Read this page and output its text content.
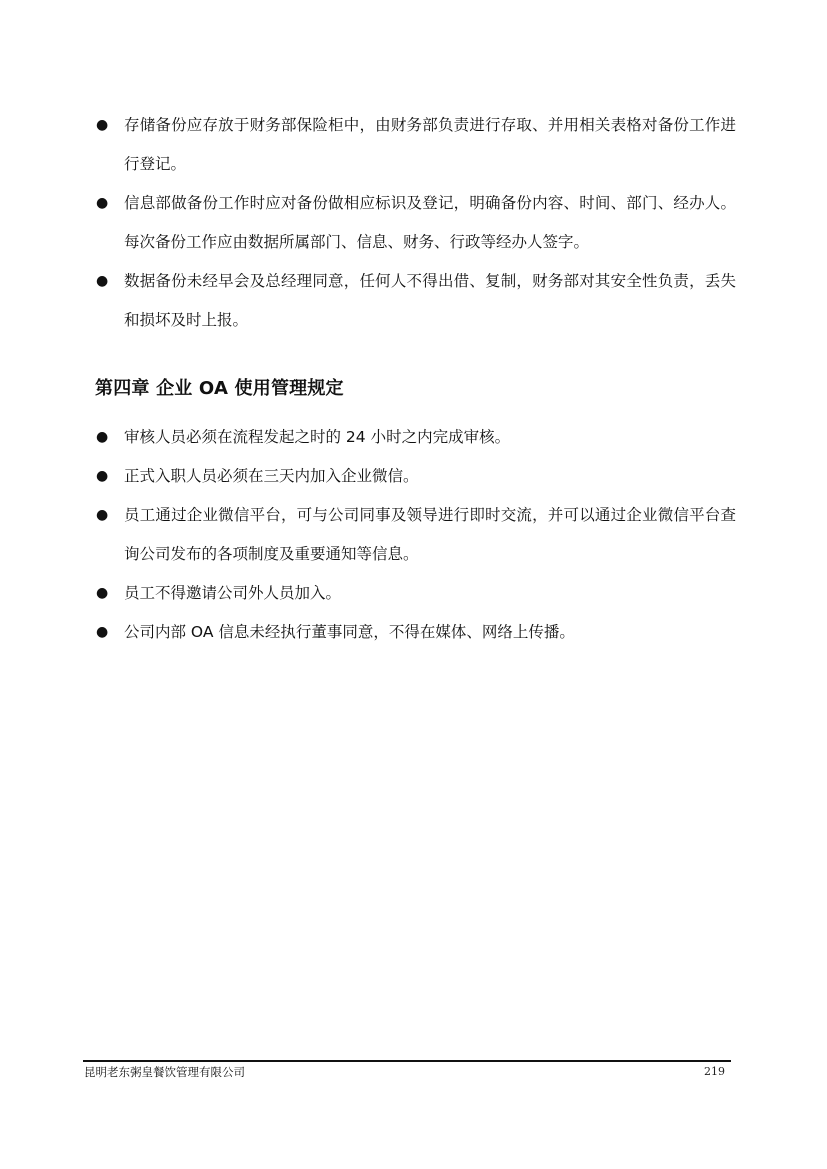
● 存储备份应存放于财务部保险柜中，由财务部负责进行存取、并用相关表格对备份工作进行登记。
● 信息部做备份工作时应对备份做相应标识及登记，明确备份内容、时间、部门、经办人。每次备份工作应由数据所属部门、信息、财务、行政等经办人签字。
● 数据备份未经早会及总经理同意，任何人不得出借、复制，财务部对其安全性负责，丢失和损坏及时上报。
第四章 企业 OA 使用管理规定
● 审核人员必须在流程发起之时的 24 小时之内完成审核。
● 正式入职人员必须在三天内加入企业微信。
● 员工通过企业微信平台，可与公司同事及领导进行即时交流，并可以通过企业微信平台查询公司发布的各项制度及重要通知等信息。
● 员工不得邀请公司外人员加入。
● 公司内部 OA 信息未经执行董事同意，不得在媒体、网络上传播。
昆明老东粥皇餐饮管理有限公司	219
